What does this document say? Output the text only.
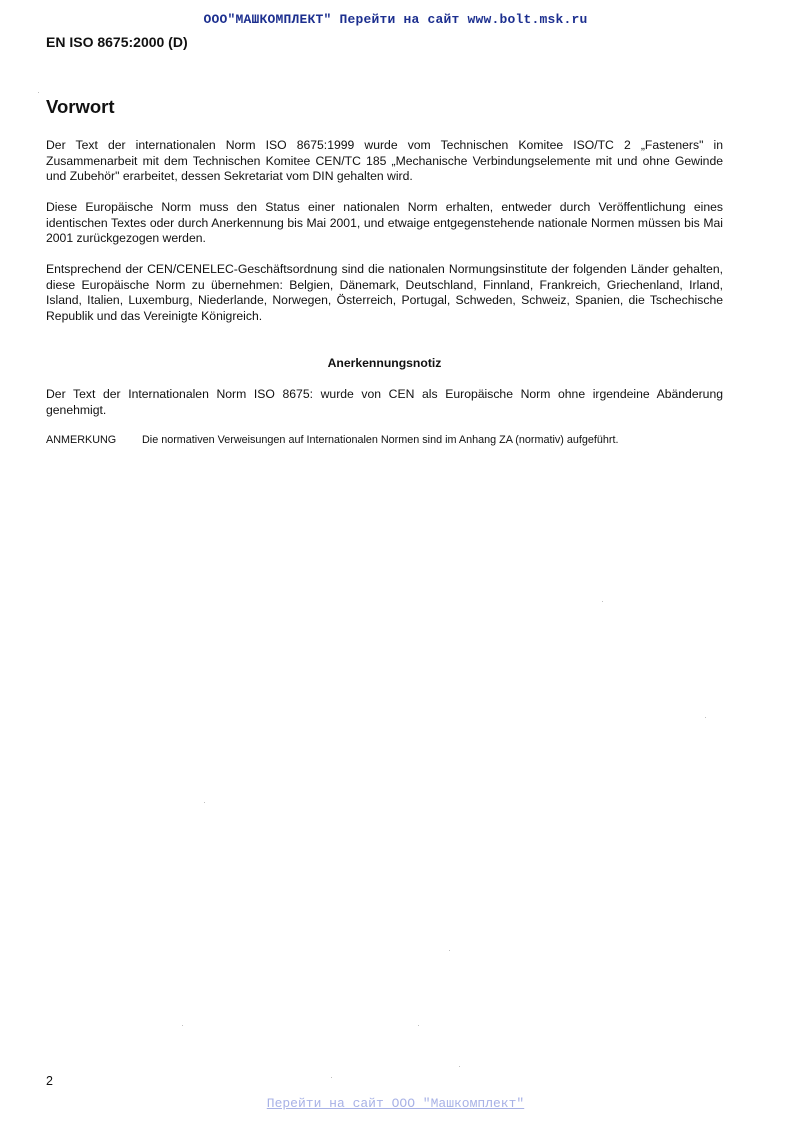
ООО"МАШКОМПЛЕКТ" Перейти на сайт www.bolt.msk.ru
EN ISO 8675:2000 (D)
Vorwort

Der Text der internationalen Norm ISO 8675:1999 wurde vom Technischen Komitee ISO/TC 2 „Fasteners" in Zusammenarbeit mit dem Technischen Komitee CEN/TC 185 „Mechanische Verbindungselemente mit und ohne Gewinde und Zubehör" erarbeitet, dessen Sekretariat vom DIN gehalten wird.

Diese Europäische Norm muss den Status einer nationalen Norm erhalten, entweder durch Veröffentlichung eines identischen Textes oder durch Anerkennung bis Mai 2001, und etwaige entgegenstehende nationale Normen müssen bis Mai 2001 zurückgezogen werden.

Entsprechend der CEN/CENELEC-Geschäftsordnung sind die nationalen Normungsinstitute der folgenden Länder gehalten, diese Europäische Norm zu übernehmen: Belgien, Dänemark, Deutschland, Finnland, Frankreich, Griechenland, Irland, Island, Italien, Luxemburg, Niederlande, Norwegen, Österreich, Portugal, Schweden, Schweiz, Spanien, die Tschechische Republik und das Vereinigte Königreich.

Anerkennungsnotiz

Der Text der Internationalen Norm ISO 8675: wurde von CEN als Europäische Norm ohne irgendeine Abänderung genehmigt.

ANMERKUNG Die normativen Verweisungen auf Internationalen Normen sind im Anhang ZA (normativ) aufgeführt.
2
Перейти на сайт ООО "Машкомплект"
